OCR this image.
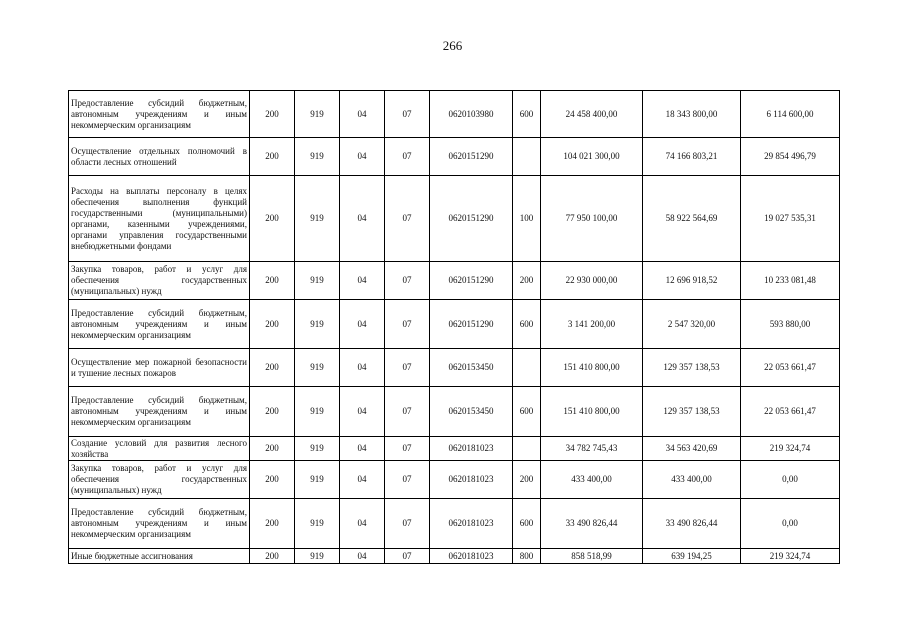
266
Предоставление субсидий бюджетным, автономным учреждениям и иным некоммерческим организациям	200	919	04	07	0620103980	600	24 458 400,00	18 343 800,00	6 114 600,00
Осуществление отдельных полномочий в области лесных отношений	200	919	04	07	0620151290		104 021 300,00	74 166 803,21	29 854 496,79
Расходы на выплаты персоналу в целях обеспечения выполнения функций государственными (муниципальными) органами, казенными учреждениями, органами управления государственными внебюджетными фондами	200	919	04	07	0620151290	100	77 950 100,00	58 922 564,69	19 027 535,31
Закупка товаров, работ и услуг для обеспечения государственных (муниципальных) нужд	200	919	04	07	0620151290	200	22 930 000,00	12 696 918,52	10 233 081,48
Предоставление субсидий бюджетным, автономным учреждениям и иным некоммерческим организациям	200	919	04	07	0620151290	600	3 141 200,00	2 547 320,00	593 880,00
Осуществление мер пожарной безопасности и тушение лесных пожаров	200	919	04	07	0620153450		151 410 800,00	129 357 138,53	22 053 661,47
Предоставление субсидий бюджетным, автономным учреждениям и иным некоммерческим организациям	200	919	04	07	0620153450	600	151 410 800,00	129 357 138,53	22 053 661,47
Создание условий для развития лесного хозяйства	200	919	04	07	0620181023		34 782 745,43	34 563 420,69	219 324,74
Закупка товаров, работ и услуг для обеспечения государственных (муниципальных) нужд	200	919	04	07	0620181023	200	433 400,00	433 400,00	0,00
Предоставление субсидий бюджетным, автономным учреждениям и иным некоммерческим организациям	200	919	04	07	0620181023	600	33 490 826,44	33 490 826,44	0,00
Иные бюджетные ассигнования	200	919	04	07	0620181023	800	858 518,99	639 194,25	219 324,74
